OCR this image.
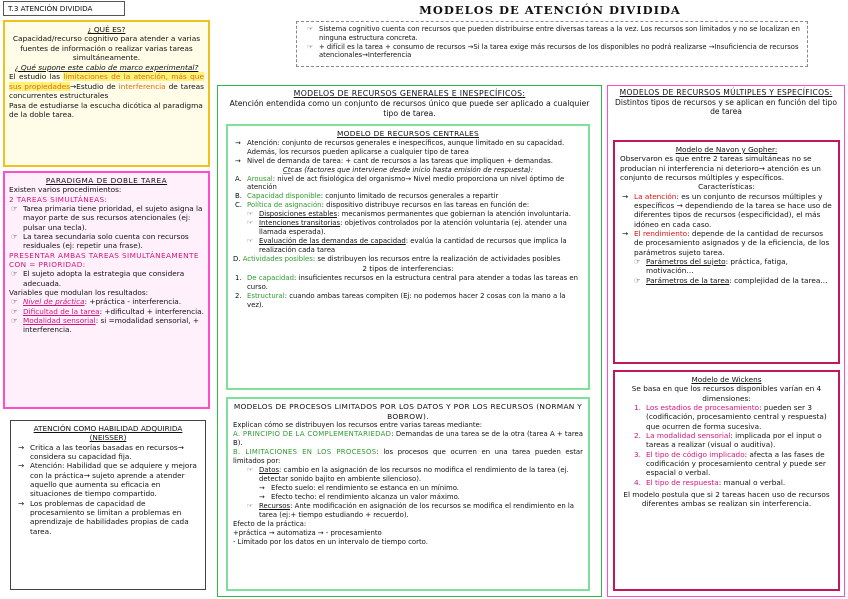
T.3 ATENCIÓN DIVIDIDA	MODELOS DE ATENCIÓN DIVIDIDA
☞ Sistema cognitivo cuenta con recursos que pueden distribuirse entre diversas tareas a la vez. Los recursos son limitados y no se localizan en ninguna estructura concreta.
☞ + difícil es la tarea + consumo de recursos →Si la tarea exige más recursos de los disponibles no podrá realizarse →Insuficiencia de recursos atencionales→Interferencia

¿ QUÉ ES?

Capacidad/recurso cognitivo para atender a varias fuentes de información o realizar varias tareas simultáneamente.

¿ Qué supone este cabio de marco experimental?

El estudio las limitaciones de la atención, más que sus propiedades→Estudio de interferencia de tareas concurrentes estructurales

Pasa de estudiarse la escucha dicótica al paradigma de la doble tarea.

PARADIGMA DE DOBLE TAREA

Existen varios procedimientos:

2 TAREAS SIMULTÁNEAS:

☞ Tarea primaria tiene prioridad, el sujeto asigna la mayor parte de sus recursos atencionales (ej: pulsar una tecla).
☞ La tarea secundaria solo cuenta con recursos residuales (ej: repetir una frase).

PRESENTAR AMBAS TAREAS SIMULTÁNEAMENTE CON = PRIORIDAD:

☞ El sujeto adopta la estrategia que considera adecuada.

Variables que modulan los resultados:

☞ Nivel de práctica: +práctica - interferencia.
☞ Dificultad de la tarea: +dificultad + interferencia.
☞ Modalidad sensorial: si =modalidad sensorial, + interferencia.

ATENCIÓN COMO HABILIDAD ADQUIRIDA (NEISSER)

→ Critica a las teorías basadas en recursos→ considera su capacidad fija.
→ Atención: Habilidad que se adquiere y mejora con la práctica→ sujeto aprende a atender aquello que aumenta su eficacia en situaciones de tiempo compartido.
→ Los problemas de capacidad de procesamiento se limitan a problemas en aprendizaje de habilidades propias de cada tarea.

MODELOS DE RECURSOS GENERALES E INESPECÍFICOS:

Atención entendida como un conjunto de recursos único que puede ser aplicado a cualquier tipo de tarea.

MODELO DE RECURSOS CENTRALES

→ Atención: conjunto de recursos generales e inespecíficos, aunque limitado en su capacidad. Además, los recursos pueden aplicarse a cualquier tipo de tarea
→ Nivel de demanda de tarea: + cant de recursos a las tareas que impliquen + demandas.

C̲t̲cas (factores que interviene desde inicio hasta emisión de respuesta):

A. Arousal: nivel de act fisiológica del organismo→ Nivel medio proporciona un nivel óptimo de atención
B. Capacidad disponible: conjunto limitado de recursos generales a repartir
C. Política de asignación: dispositivo distribuye recursos en las tareas en función de:
☞ Disposiciones estables: mecanismos permanentes que gobiernan la atención involuntaria.
☞ Intenciones transitorias: objetivos controlados por la atención voluntaria (ej. atender una llamada esperada).
☞ Evaluación de las demandas de capacidad: evalúa la cantidad de recursos que implica la realización cada tarea

D. Actividades posibles: se distribuyen los recursos entre la realización de actividades posibles

2 tipos de interferencias:

1. De capacidad: insuficientes recursos en la estructura central para atender a todas las tareas en curso.
2. Estructural: cuando ambas tareas compiten (Ej: no podemos hacer 2 cosas con la mano a la vez).

MODELOS DE PROCESOS LIMITADOS POR LOS DATOS Y POR LOS RECURSOS (NORMAN Y BOBROW).

Explican cómo se distribuyen los recursos entre varias tareas mediante:

A. PRINCIPIO DE LA COMPLEMENTARIEDAD: Demandas de una tarea se de la otra (tarea A + tarea B).

B. LIMITACIONES EN LOS PROCESOS: los procesos que ocurren en una tarea pueden estar limitados por:

☞ Datos: cambio en la asignación de los recursos no modifica el rendimiento de la tarea (ej. detectar sonido bajito en ambiente silencioso).
→ Efecto suelo: el rendimiento se estanca en un mínimo.
→ Efecto techo: el rendimiento alcanza un valor máximo.
☞ Recursos: Ante modificación en asignación de los recursos se modifica el rendimiento en la tarea (ej:+ tiempo estudiando + recuerdo).

Efecto de la práctica:

+práctica → automatiza → - procesamiento

- Limitado por los datos en un intervalo de tiempo corto.

MODELOS DE RECURSOS MÚLTIPLES Y ESPECÍFICOS:

Distintos tipos de recursos y se aplican en función del tipo de tarea

Modelo de Navon y Gopher:

Observaron es que entre 2 tareas simultáneas no se producían ni interferencia ni deterioro→ atención es un conjunto de recursos múltiples y específicos.

Características:

→ La atención: es un conjunto de recursos múltiples y específicos → dependiendo de la tarea se hace uso de diferentes tipos de recursos (especificidad), el más idóneo en cada caso.
→ El rendimiento: depende de la cantidad de recursos de procesamiento asignados y de la eficiencia, de los parámetros sujeto tarea.
☞ Parámetros del sujeto: práctica, fatiga, motivación…
☞ Parámetros de la tarea: complejidad de la tarea…

Modelo de Wickens

Se basa en que los recursos disponibles varían en 4 dimensiones:

1. Los estadios de procesamiento: pueden ser 3 (codificación, procesamiento central y respuesta) que ocurren de forma sucesiva.
2. La modalidad sensorial: implicada por el input o tareas a realizar (visual o auditiva).
3. El tipo de código implicado: afecta a las fases de codificación y procesamiento central y puede ser espacial o verbal.
4. El tipo de respuesta: manual o verbal.

El modelo postula que si 2 tareas hacen uso de recursos diferentes ambas se realizan sin interferencia.
